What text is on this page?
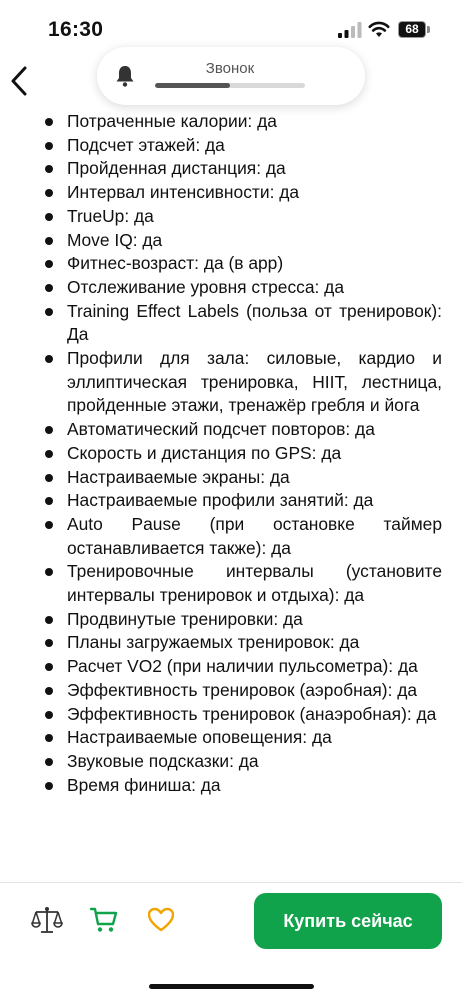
16:30	68
Звонок
Потраченные калории: да
Подсчет этажей: да
Пройденная дистанция: да
Интервал интенсивности: да
TrueUp: да
Move IQ: да
Фитнес-возраст: да (в app)
Отслеживание уровня стресса: да
Training Effect Labels (польза от тренировок): Да
Профили для зала: силовые, кардио и эллиптическая тренировка, HIIT, лестница, пройденные этажи, тренажёр гребля и йога
Автоматический подсчет повторов: да
Скорость и дистанция по GPS: да
Настраиваемые экраны: да
Настраиваемые профили занятий: да
Auto Pause (при остановке таймер останавливается также): да
Тренировочные интервалы (установите интервалы тренировок и отдыха): да
Продвинутые тренировки: да
Планы загружаемых тренировок: да
Расчет VO2 (при наличии пульсометра): да
Эффективность тренировок (аэробная): да
Эффективность тренировок (анаэробная): да
Настраиваемые оповещения: да
Звуковые подсказки: да
Время финиша: да
Купить сейчас
